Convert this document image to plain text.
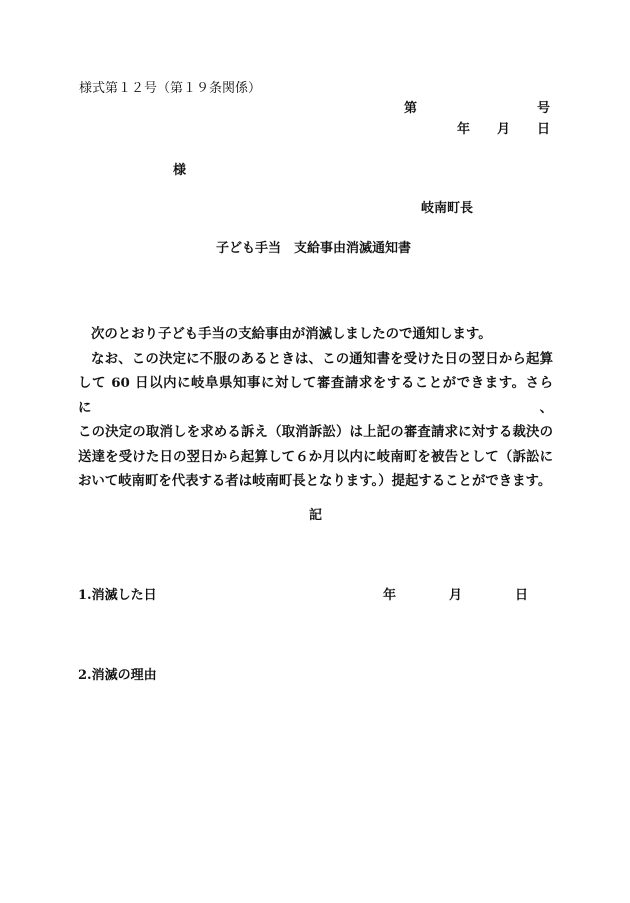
様式第１２号（第１９条関係）
第	号
年 月 日
様
岐南町長
子ども手当　支給事由消滅通知書

次のとおり子ども手当の支給事由が消滅しましたので通知します。

なお、この決定に不服のあるときは、この通知書を受けた日の翌日から起算

して 60 日以内に岐阜県知事に対して審査請求をすることができます。さらに、

この決定の取消しを求める訴え（取消訴訟）は上記の審査請求に対する裁決の

送達を受けた日の翌日から起算して６か月以内に岐南町を被告として（訴訟に

おいて岐南町を代表する者は岐南町長となります。）提起することができます。

記
1.消滅した日	年	月	日
2.消滅の理由
